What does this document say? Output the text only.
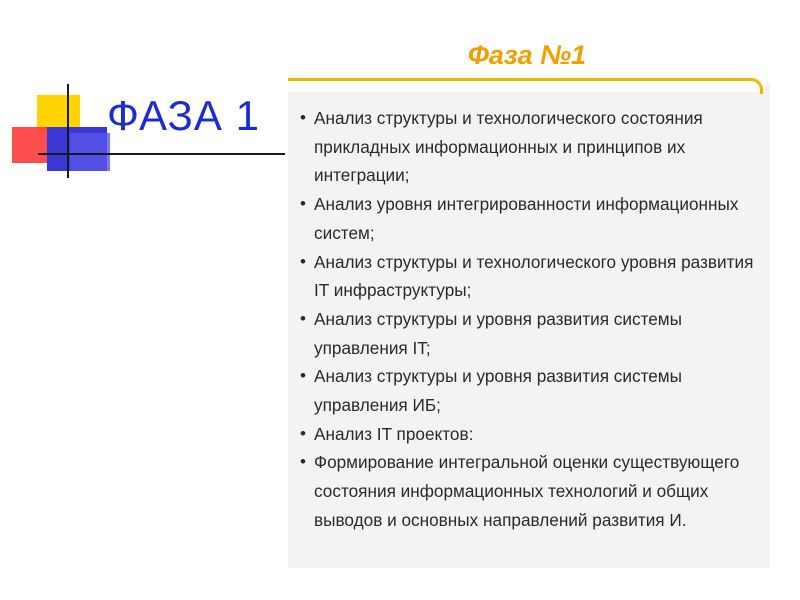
ФАЗА 1
Фаза №1
• Анализ структуры и технологического состояния прикладных информационных и принципов их интеграции;
• Анализ уровня интегрированности информационных систем;
• Анализ структуры и технологического уровня развития IT инфраструктуры;
• Анализ структуры и уровня развития системы управления IT;
• Анализ структуры и уровня развития системы управления ИБ;
• Анализ IT проектов:
• Формирование интегральной оценки существующего состояния информационных технологий и общих выводов и основных направлений развития И.
